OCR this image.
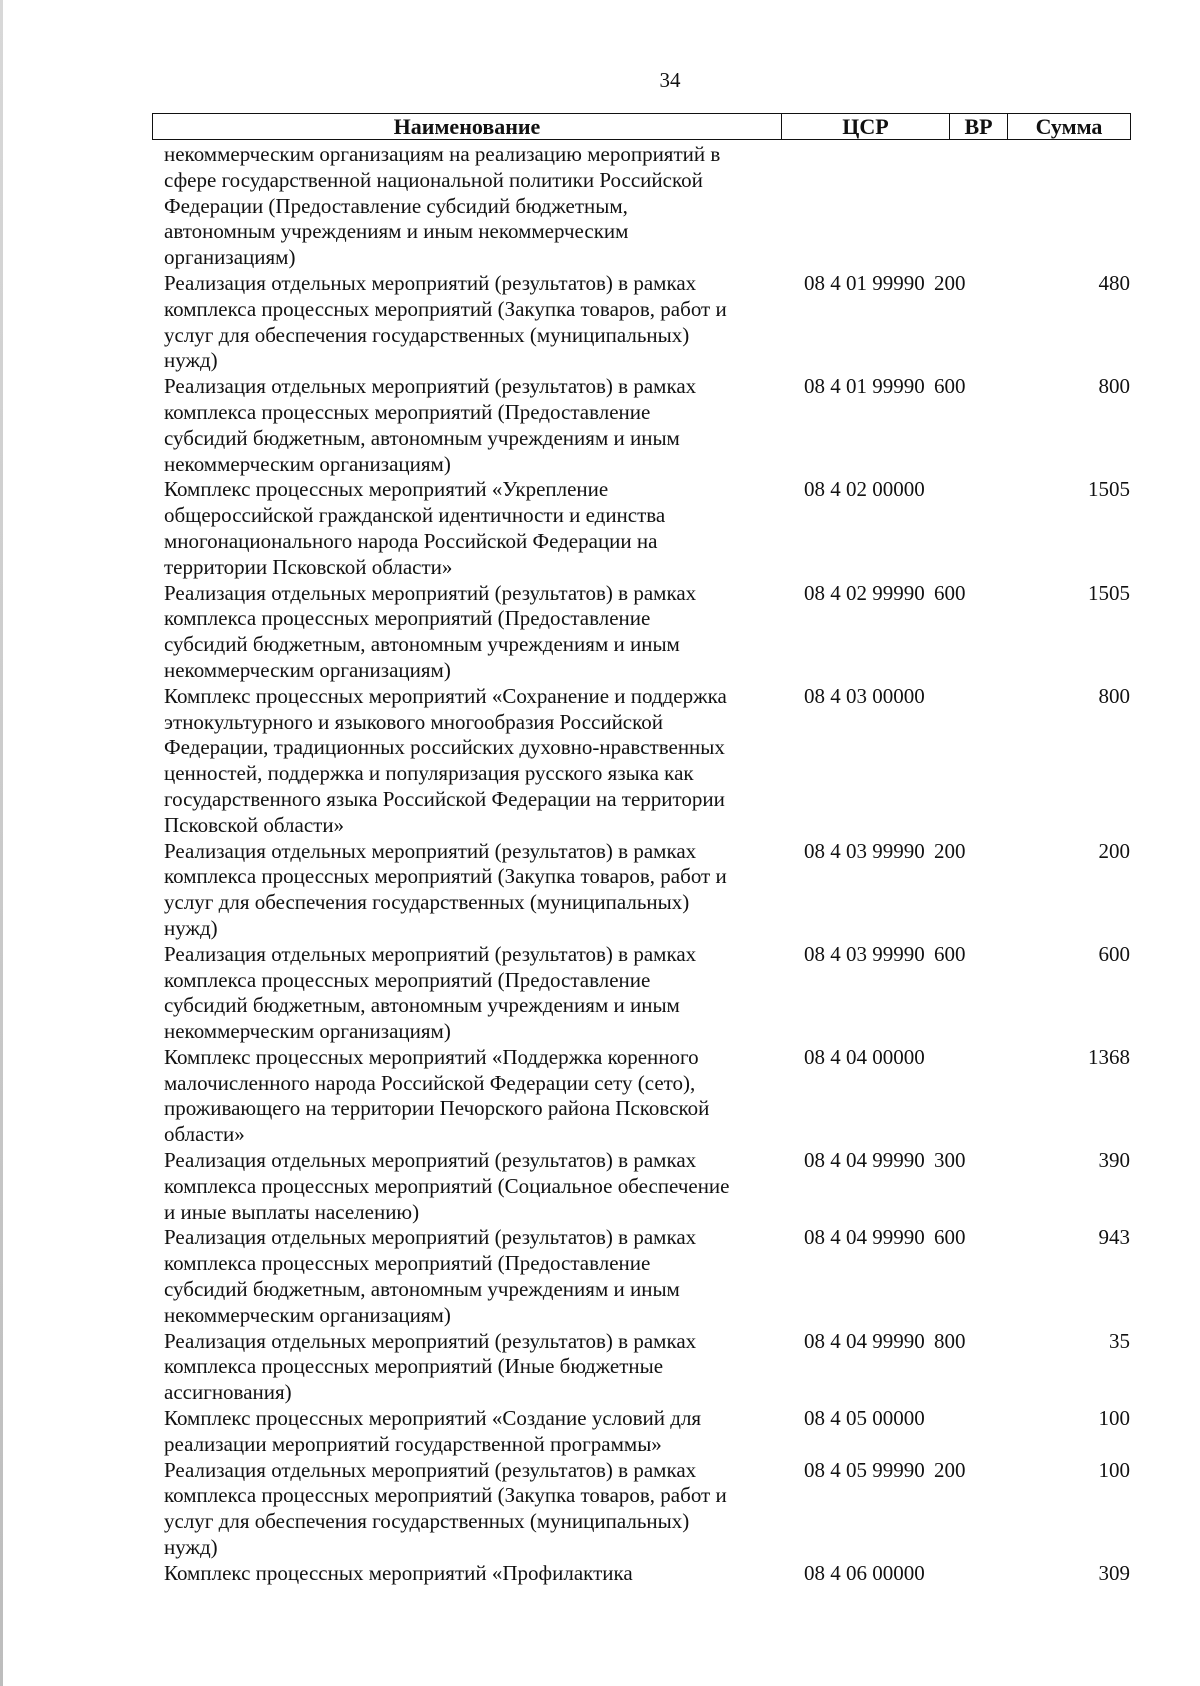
34
Наименование	ЦСР	ВР	Сумма
некоммерческим организациям на реализацию мероприятий в
сфере государственной национальной политики Российской
Федерации (Предоставление субсидий бюджетным,
автономным учреждениям и иным некоммерческим
организациям)
Реализация отдельных мероприятий (результатов) в рамках
комплекса процессных мероприятий (Закупка товаров, работ и
услуг для обеспечения государственных (муниципальных)
нужд)
08 4 01 99990 200	480
Реализация отдельных мероприятий (результатов) в рамках
комплекса процессных мероприятий (Предоставление
субсидий бюджетным, автономным учреждениям и иным
некоммерческим организациям)
08 4 01 99990 600	800
Комплекс процессных мероприятий «Укрепление
общероссийской гражданской идентичности и единства
многонационального народа Российской Федерации на
территории Псковской области»
08 4 02 00000	1505
Реализация отдельных мероприятий (результатов) в рамках
комплекса процессных мероприятий (Предоставление
субсидий бюджетным, автономным учреждениям и иным
некоммерческим организациям)
08 4 02 99990 600	1505
Комплекс процессных мероприятий «Сохранение и поддержка
этнокультурного и языкового многообразия Российской
Федерации, традиционных российских духовно-нравственных
ценностей, поддержка и популяризация русского языка как
государственного языка Российской Федерации на территории
Псковской области»
08 4 03 00000	800
Реализация отдельных мероприятий (результатов) в рамках
комплекса процессных мероприятий (Закупка товаров, работ и
услуг для обеспечения государственных (муниципальных)
нужд)
08 4 03 99990 200	200
Реализация отдельных мероприятий (результатов) в рамках
комплекса процессных мероприятий (Предоставление
субсидий бюджетным, автономным учреждениям и иным
некоммерческим организациям)
08 4 03 99990 600	600
Комплекс процессных мероприятий «Поддержка коренного
малочисленного народа Российской Федерации сету (сето),
проживающего на территории Печорского района Псковской
области»
08 4 04 00000	1368
Реализация отдельных мероприятий (результатов) в рамках
комплекса процессных мероприятий (Социальное обеспечение
и иные выплаты населению)
08 4 04 99990 300	390
Реализация отдельных мероприятий (результатов) в рамках
комплекса процессных мероприятий (Предоставление
субсидий бюджетным, автономным учреждениям и иным
некоммерческим организациям)
08 4 04 99990 600	943
Реализация отдельных мероприятий (результатов) в рамках
комплекса процессных мероприятий (Иные бюджетные
ассигнования)
08 4 04 99990 800	35
Комплекс процессных мероприятий «Создание условий для
реализации мероприятий государственной программы»
08 4 05 00000	100
Реализация отдельных мероприятий (результатов) в рамках
комплекса процессных мероприятий (Закупка товаров, работ и
услуг для обеспечения государственных (муниципальных)
нужд)
08 4 05 99990 200	100
Комплекс процессных мероприятий «Профилактика	08 4 06 00000	309
